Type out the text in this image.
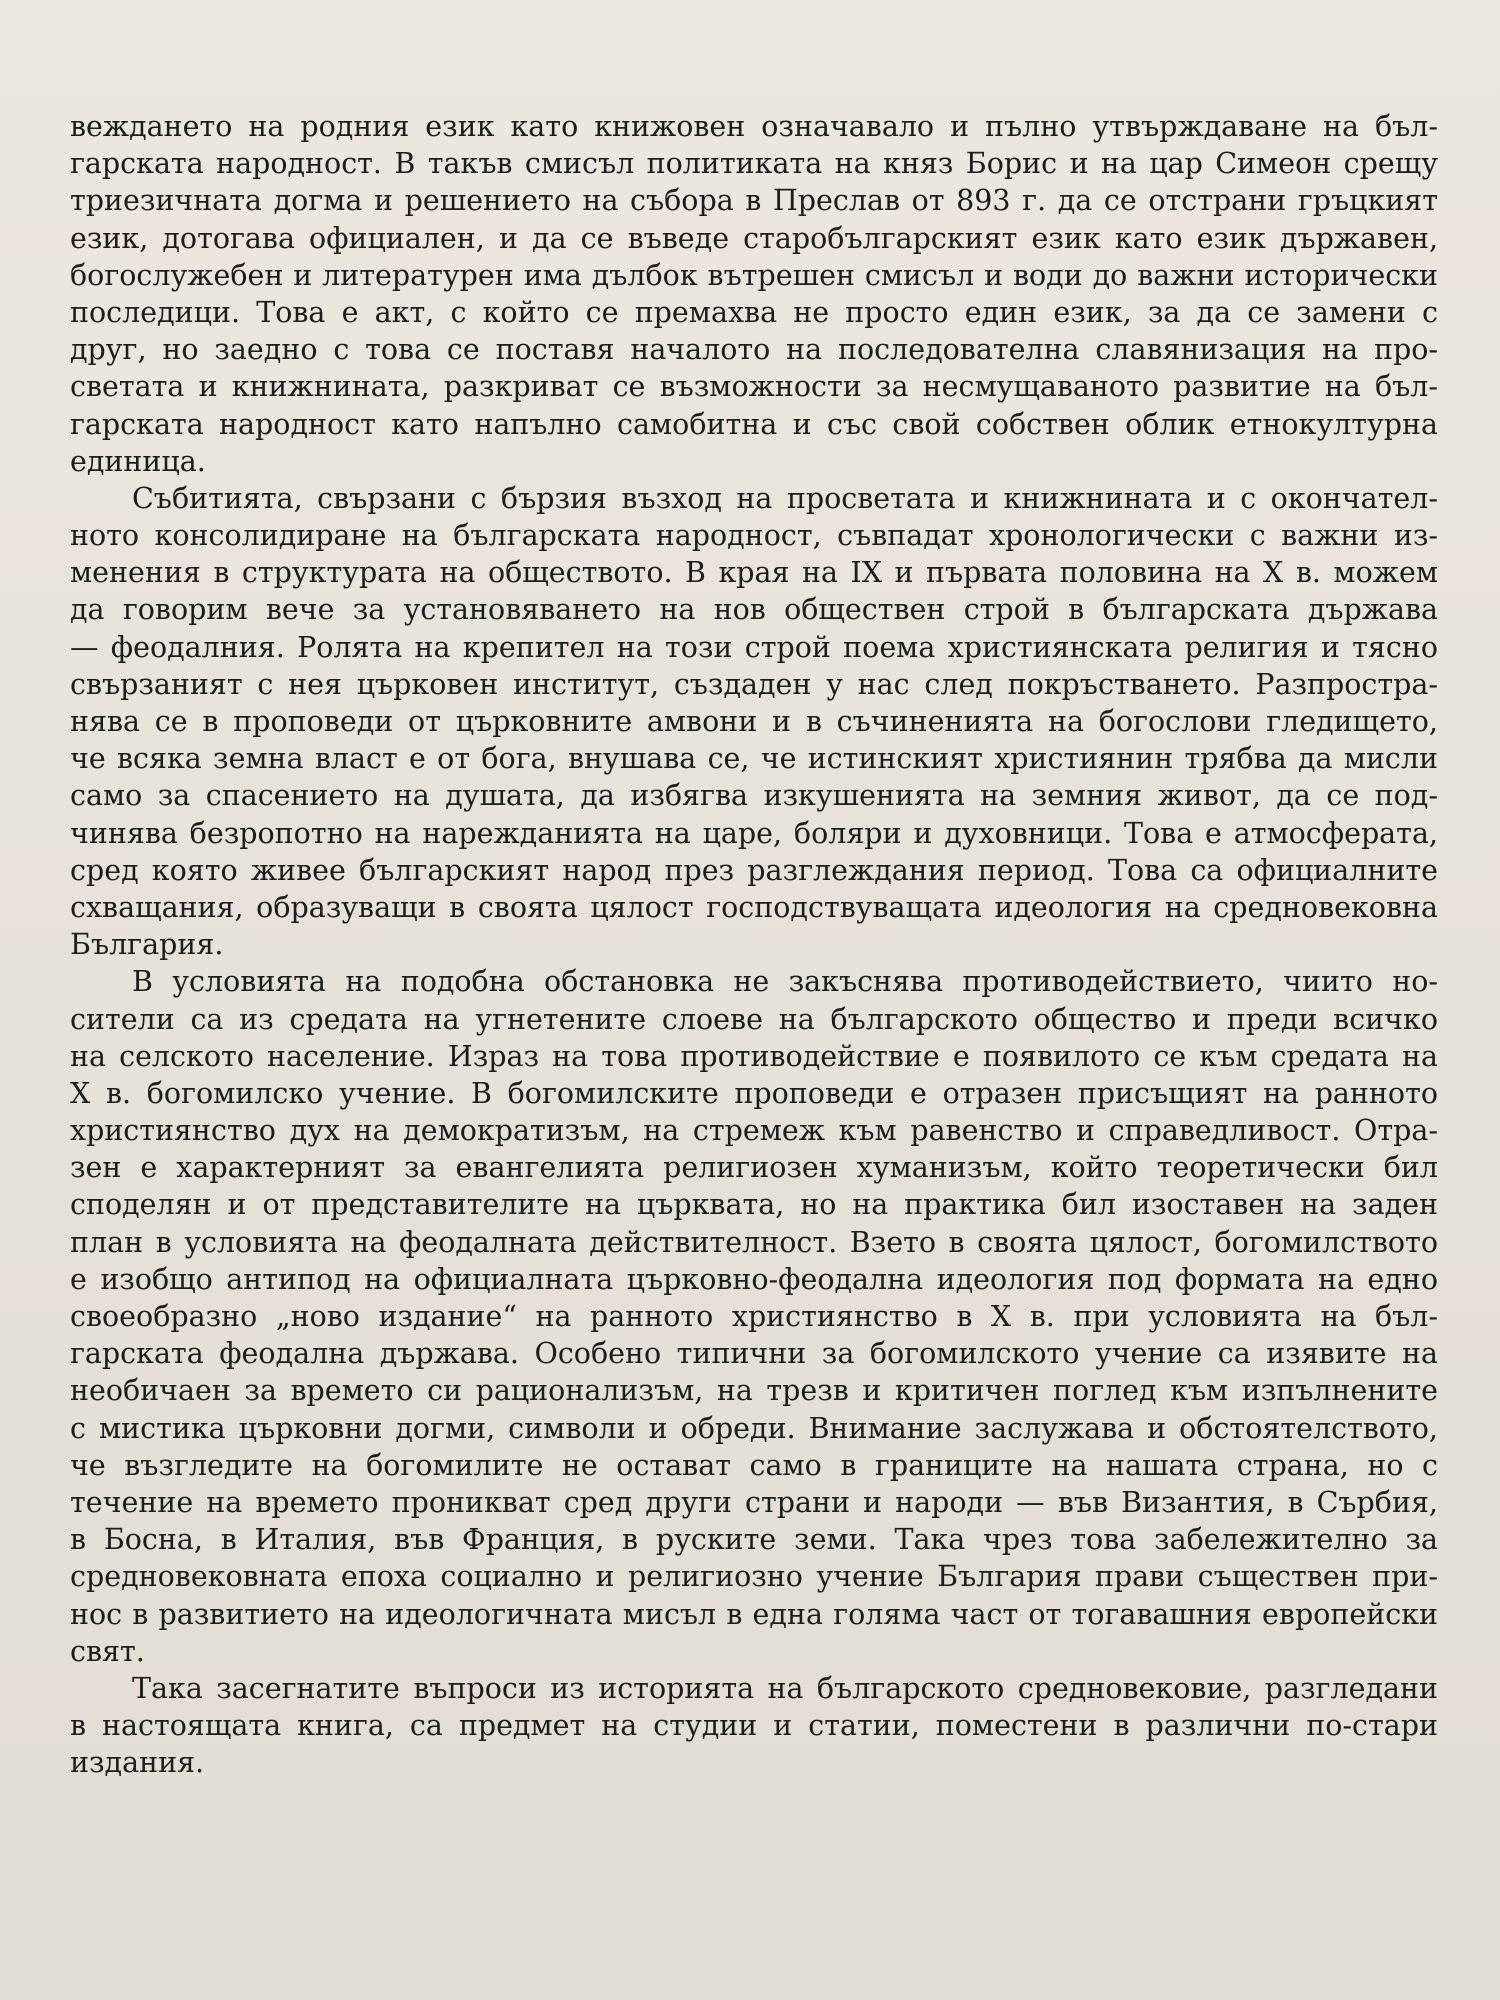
вежданeто на родния език като книжовен означавало и пълно утвърждаване на бъл-
гарската народност. В такъв смисъл политиката на княз Борис и на цар Симеон срещу
триезичната догма и решението на събора в Преслав от 893 г. да се отстрани гръцкият
език, дотогава официален, и да се въведе старобългарският език като език държавен,
богослужебен и литературен има дълбок вътрешен смисъл и води до важни исторически
последици. Това е акт, с който се премахва не просто един език, за да се замени с
друг, но заедно с това се поставя началото на последователна славянизация на про-
светата и книжнината, разкриват се възможности за несмущаваното развитие на бъл-
гарската народност като напълно самобитна и със свой собствен облик етнокултурна
единица.
Събитията, свързани с бързия възход на просветата и книжнината и с окончател-
ното консолидиране на българската народност, съвпадат хронологически с важни из-
менения в структурата на обществото. В края на IX и първата половина на X в. можем
да говорим вече за установяването на нов обществен строй в българската държава
— феодалния. Ролята на крепител на този строй поема християнската религия и тясно
свързаният с нея църковен институт, създаден у нас след покръстването. Разпростра-
нява се в проповеди от църковните амвони и в съчиненията на богослови гледището,
че всяка земна власт е от бога, внушава се, че истинският християнин трябва да мисли
само за спасението на душата, да избягва изкушенията на земния живот, да се под-
чинява безропотно на нарежданията на царе, боляри и духовници. Това е атмосферата,
сред която живее българският народ през разглеждания период. Това са официалните
схващания, образуващи в своята цялост господствуващата идеология на средновековна
България.
В условията на подобна обстановка не закъснява противодействието, чиито но-
сители са из средата на угнетените слоеве на българското общество и преди всичко
на селското население. Израз на това противодействие е появилото се към средата на
X в. богомилско учение. В богомилските проповеди е отразен присъщият на ранното
християнство дух на демократизъм, на стремеж към равенство и справедливост. Отра-
зен е характерният за евангелията религиозен хуманизъм, който теоретически бил
споделян и от представителите на църквата, но на практика бил изоставен на заден
план в условията на феодалната действителност. Взето в своята цялост, богомилството
е изобщо антипод на официалната църковно-феодална идеология под формата на едно
своеобразно „ново издание“ на ранното християнство в X в. при условията на бъл-
гарската феодална държава. Особено типични за богомилското учение са изявите на
необичаен за времето си рационализъм, на трезв и критичен поглед към изпълнените
с мистика църковни догми, символи и обреди. Внимание заслужава и обстоятелството,
че възгледите на богомилите не остават само в границите на нашата страна, но с
течение на времето проникват сред други страни и народи — във Византия, в Сърбия,
в Босна, в Италия, във Франция, в руските земи. Така чрез това забележително за
средновековната епоха социално и религиозно учение България прави съществен при-
нос в развитието на идеологичната мисъл в една голяма част от тогавашния европейски
свят.
Така засегнатите въпроси из историята на българското средновековие, разгледани
в настоящата книга, са предмет на студии и статии, поместени в различни по-стари
издания.
